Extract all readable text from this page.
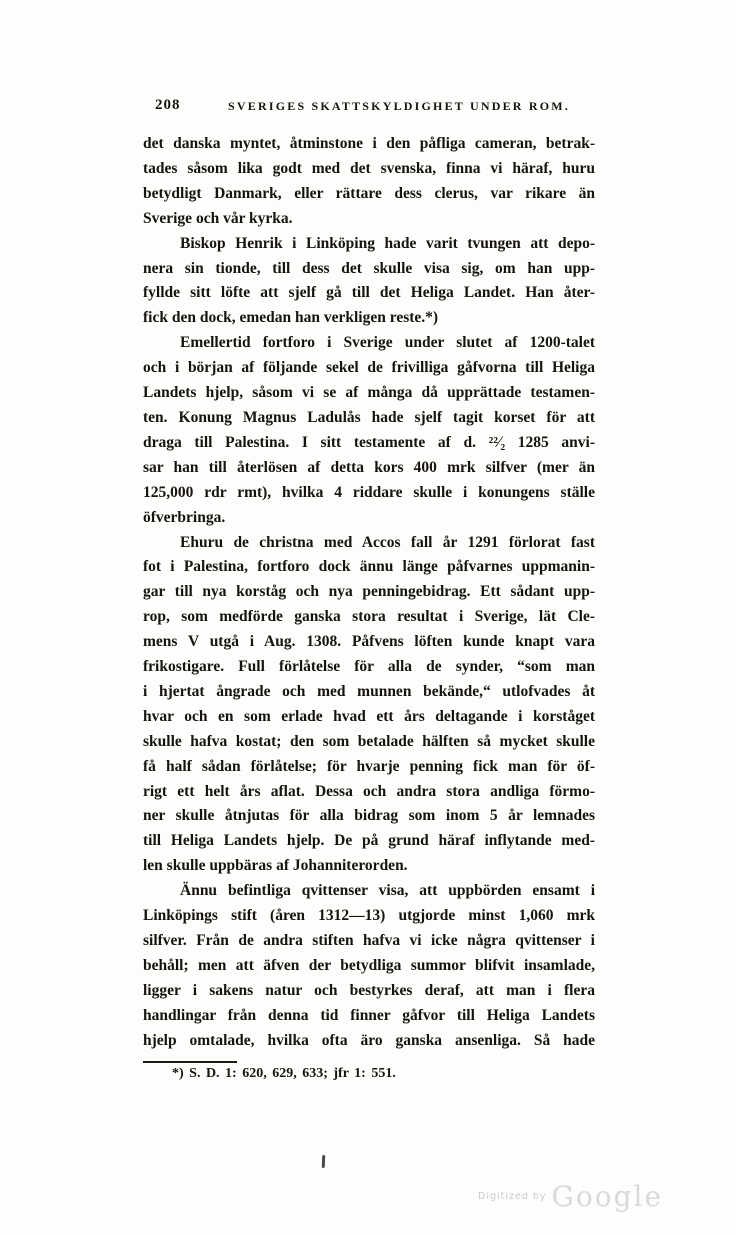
208	SVERIGES SKATTSKYLDIGHET UNDER ROM.
det danska myntet, åtminstone i den påfliga cameran, betrak-
tades såsom lika godt med det svenska, finna vi häraf, huru
betydligt Danmark, eller rättare dess clerus, var rikare än
Sverige och vår kyrka.
Biskop Henrik i Linköping hade varit tvungen att depo-
nera sin tionde, till dess det skulle visa sig, om han upp-
fyllde sitt löfte att sjelf gå till det Heliga Landet. Han åter-
fick den dock, emedan han verkligen reste.*)
Emellertid fortforo i Sverige under slutet af 1200-talet
och i början af följande sekel de frivilliga gåfvorna till Heliga
Landets hjelp, såsom vi se af många då upprättade testamen-
ten. Konung Magnus Ladulås hade sjelf tagit korset för att
draga till Palestina. I sitt testamente af d. ²²⁄₂ 1285 anvi-
sar han till återlösen af detta kors 400 mrk silfver (mer än
125,000 rdr rmt), hvilka 4 riddare skulle i konungens ställe
öfverbringa.
Ehuru de christna med Accos fall år 1291 förlorat fast
fot i Palestina, fortforo dock ännu länge påfvarnes uppmanin-
gar till nya korståg och nya penningebidrag. Ett sådant upp-
rop, som medförde ganska stora resultat i Sverige, lät Cle-
mens V utgå i Aug. 1308. Påfvens löften kunde knapt vara
frikostigare. Full förlåtelse för alla de synder, “som man
i hjertat ångrade och med munnen bekände,“ utlofvades åt
hvar och en som erlade hvad ett års deltagande i korståget
skulle hafva kostat; den som betalade hälften så mycket skulle
få half sådan förlåtelse; för hvarje penning fick man för öf-
rigt ett helt års aflat. Dessa och andra stora andliga förmo-
ner skulle åtnjutas för alla bidrag som inom 5 år lemnades
till Heliga Landets hjelp. De på grund häraf inflytande med-
len skulle uppbäras af Johanniterorden.
Ännu befintliga qvittenser visa, att uppbörden ensamt i
Linköpings stift (åren 1312—13) utgjorde minst 1,060 mrk
silfver. Från de andra stiften hafva vi icke några qvittenser i
behåll; men att äfven der betydliga summor blifvit insamlade,
ligger i sakens natur och bestyrkes deraf, att man i flera
handlingar från denna tid finner gåfvor till Heliga Landets
hjelp omtalade, hvilka ofta äro ganska ansenliga. Så hade
*) S. D. 1: 620, 629, 633; jfr 1: 551.
Digitized by Google
